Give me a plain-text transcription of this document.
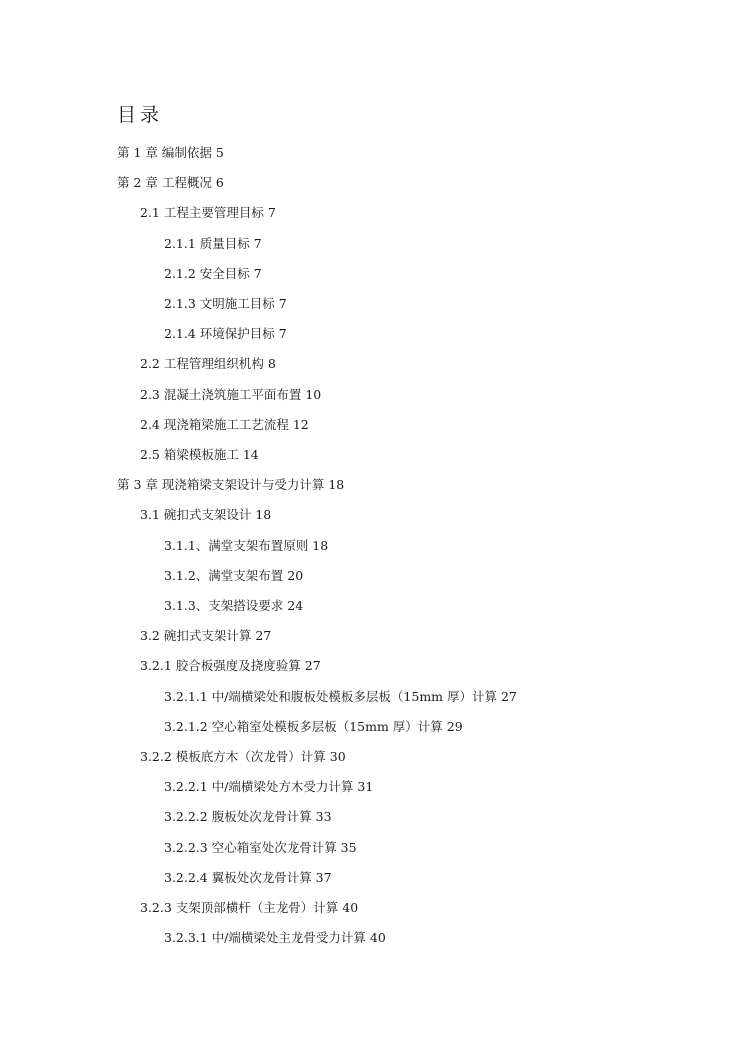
目录
第 1 章 编制依据 5
第 2 章 工程概况 6
2.1 工程主要管理目标 7
2.1.1 质量目标 7
2.1.2 安全目标 7
2.1.3 文明施工目标 7
2.1.4 环境保护目标 7
2.2 工程管理组织机构 8
2.3 混凝土浇筑施工平面布置 10
2.4 现浇箱梁施工工艺流程 12
2.5 箱梁模板施工 14
第 3 章 现浇箱梁支架设计与受力计算 18
3.1 碗扣式支架设计 18
3.1.1、满堂支架布置原则 18
3.1.2、满堂支架布置 20
3.1.3、支架搭设要求 24
3.2 碗扣式支架计算 27
3.2.1 胶合板强度及挠度验算 27
3.2.1.1 中/端横梁处和腹板处模板多层板（15mm 厚）计算 27
3.2.1.2 空心箱室处模板多层板（15mm 厚）计算 29
3.2.2 模板底方木（次龙骨）计算 30
3.2.2.1 中/端横梁处方木受力计算 31
3.2.2.2 腹板处次龙骨计算 33
3.2.2.3 空心箱室处次龙骨计算 35
3.2.2.4 翼板处次龙骨计算 37
3.2.3 支架顶部横杆（主龙骨）计算 40
3.2.3.1 中/端横梁处主龙骨受力计算 40
